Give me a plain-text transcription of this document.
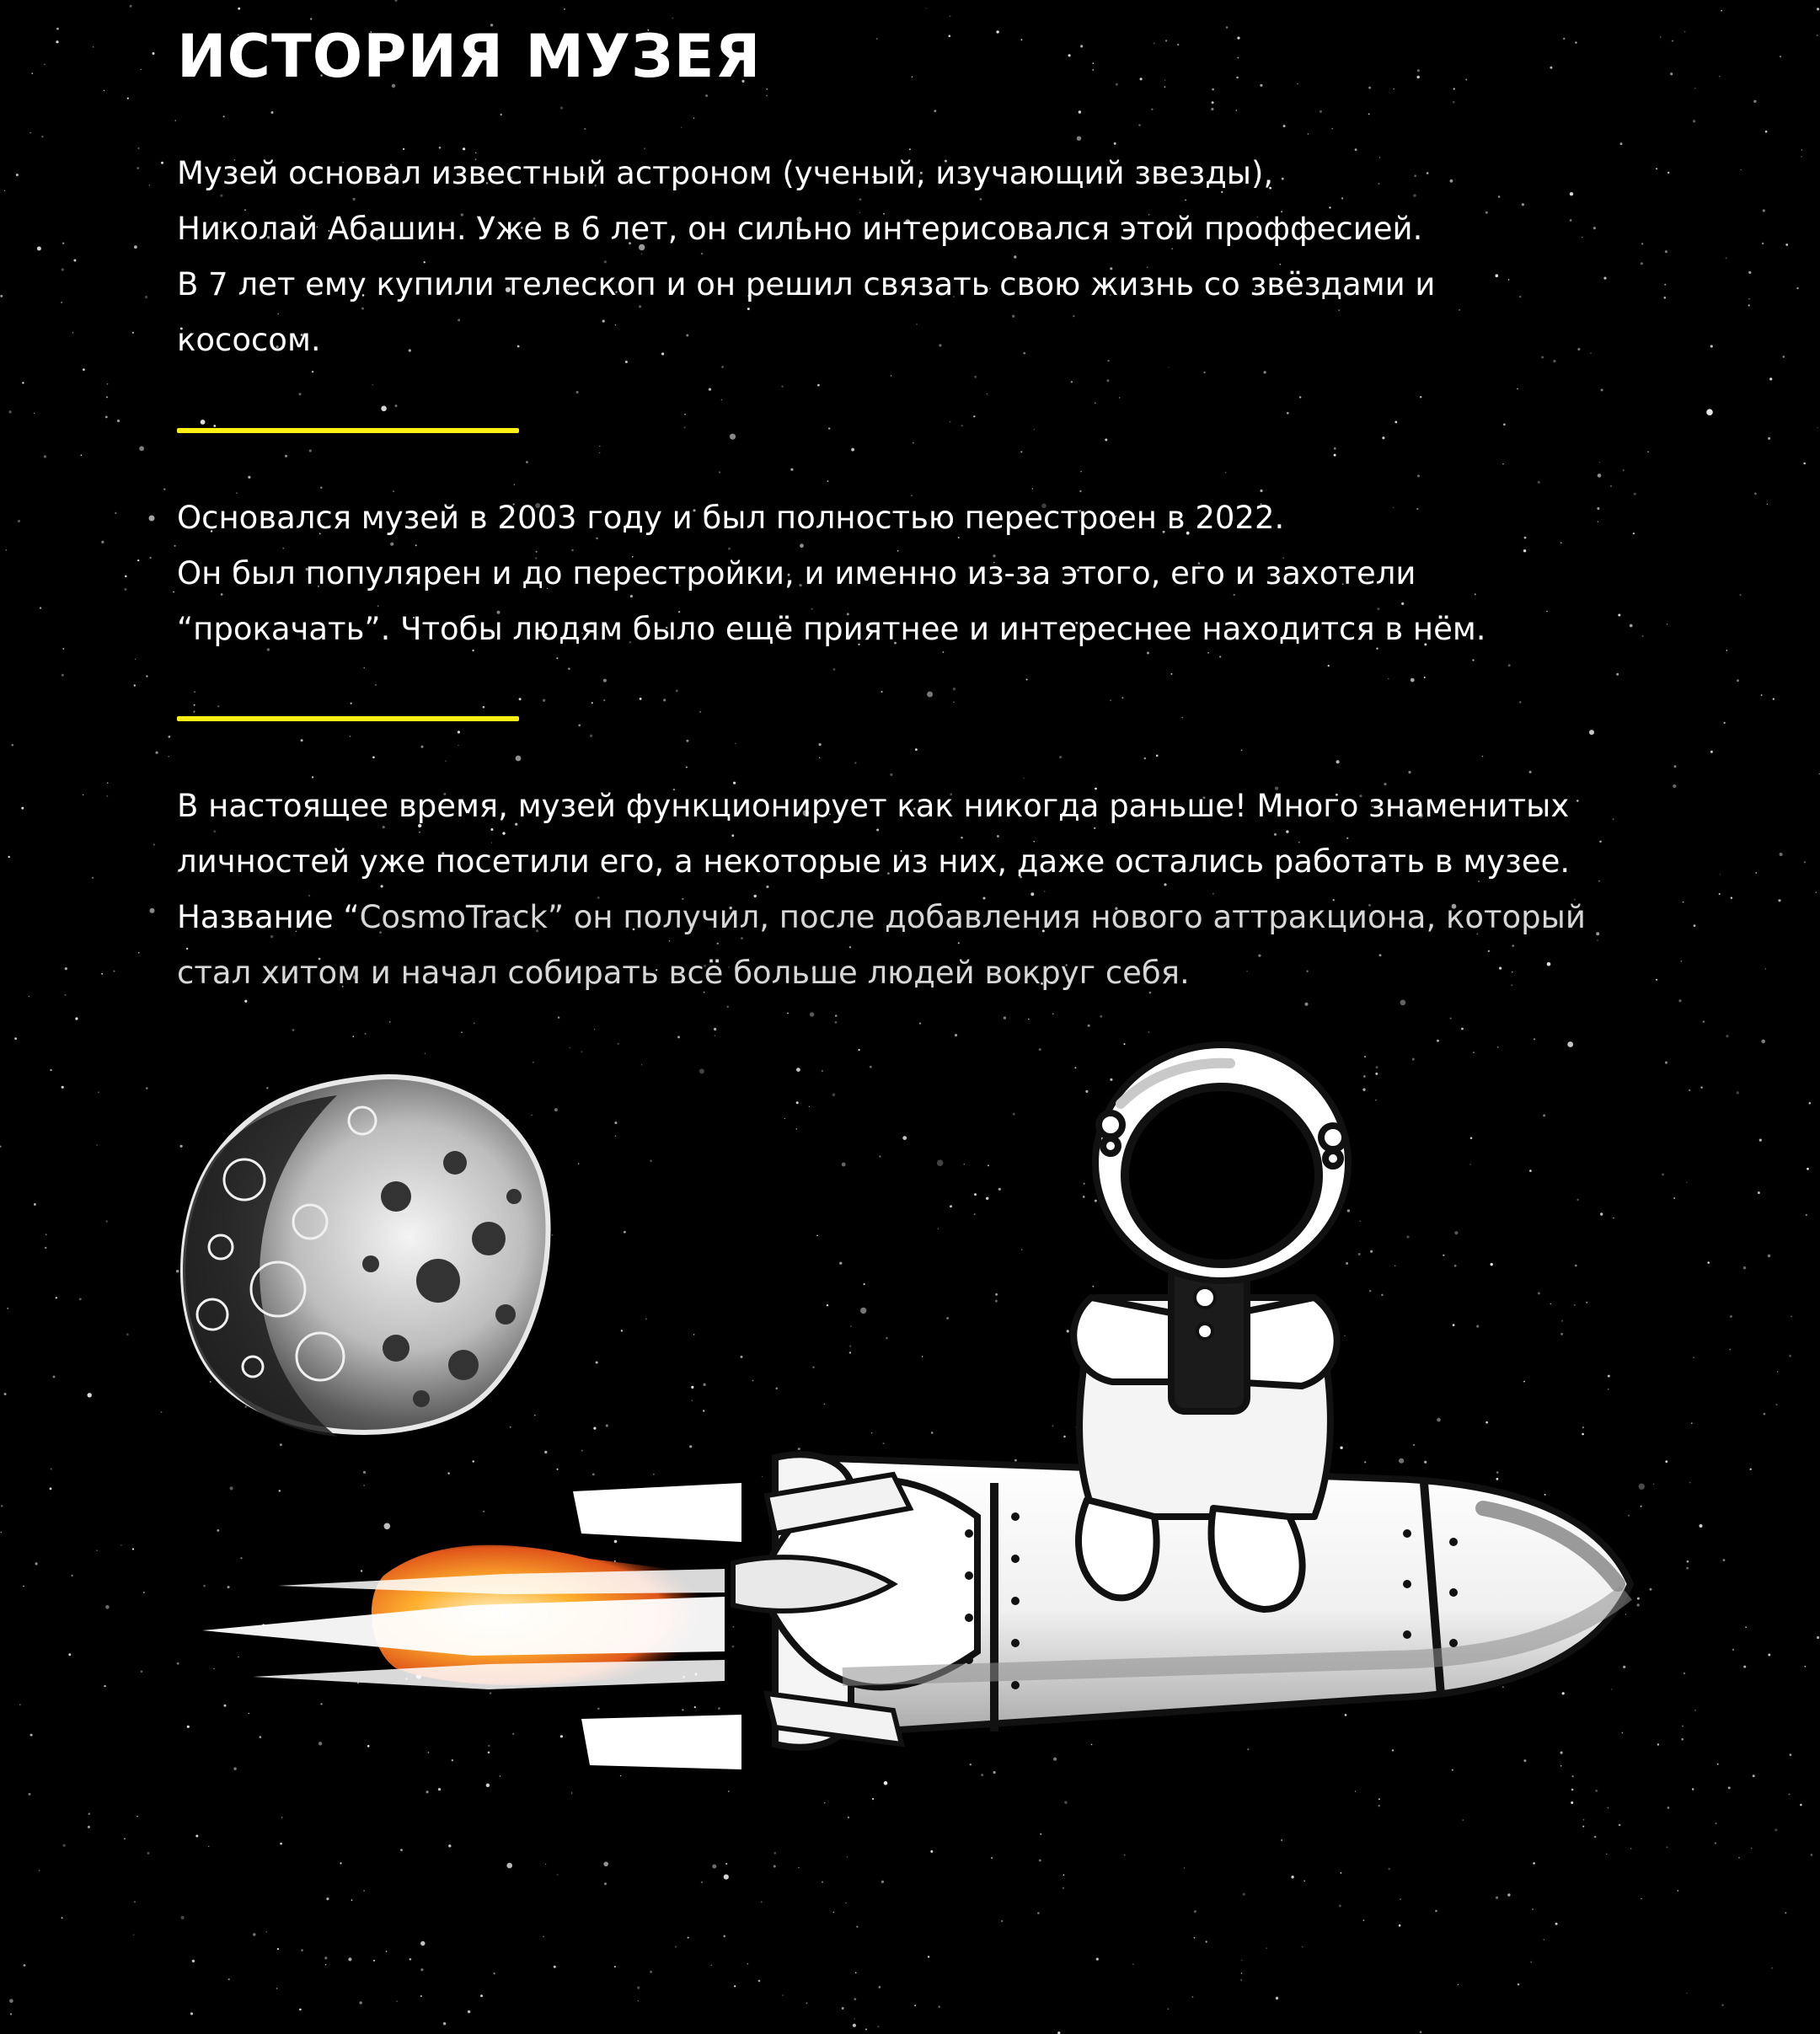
ИСТОРИЯ МУЗЕЯ

Музей основал известный астроном (ученый, изучающий звезды),
Николай Абашин. Уже в 6 лет, он сильно интерисовался этой проффесией.
В 7 лет ему купили телескоп и он решил связать свою жизнь со звёздами и
кососом.

Основался музей в 2003 году и был полностью перестроен в 2022.
Он был популярен и до перестройки, и именно из-за этого, его и захотели
“прокачать”. Чтобы людям было ещё приятнее и интереснее находится в нём.

В настоящее время, музей функционирует как никогда раньше! Много знаменитых
личностей уже посетили его, а некоторые из них, даже остались работать в музее.
Название “CosmoTrack” он получил, после добавления нового аттракциона, который
стал хитом и начал собирать всё больше людей вокруг себя.
